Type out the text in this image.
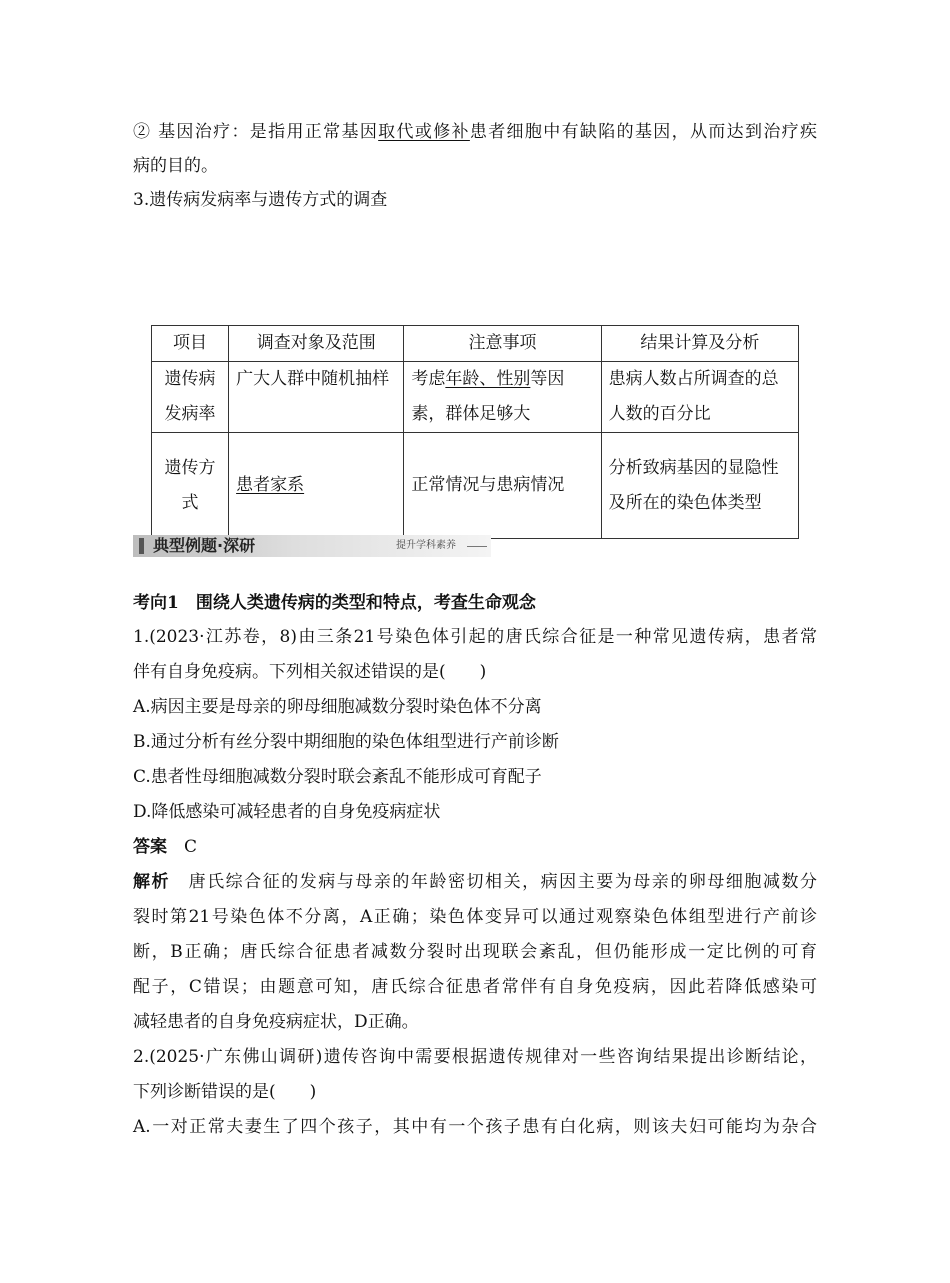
② 基因治疗：是指用正常基因取代或修补患者细胞中有缺陷的基因，从而达到治疗疾

病的目的。

3.遗传病发病率与遗传方式的调查

项目	调查对象及范围	注意事项	结果计算及分析
遗传病发病率	广大人群中随机抽样	考虑年龄、性别等因素，群体足够大	患病人数占所调查的总人数的百分比
遗传方式	患者家系	正常情况与患病情况	分析致病基因的显隐性及所在的染色体类型
典型例题·深研	提升学科素养

考向1　围绕人类遗传病的类型和特点，考查生命观念

1.(2023·江苏卷，8)由三条21号染色体引起的唐氏综合征是一种常见遗传病，患者常

伴有自身免疫病。下列相关叙述错误的是(　　)

A.病因主要是母亲的卵母细胞减数分裂时染色体不分离

B.通过分析有丝分裂中期细胞的染色体组型进行产前诊断

C.患者性母细胞减数分裂时联会紊乱不能形成可育配子

D.降低感染可减轻患者的自身免疫病症状

答案　 C

解析　 唐氏综合征的发病与母亲的年龄密切相关，病因主要为母亲的卵母细胞减数分

裂时第21号染色体不分离，A正确；染色体变异可以通过观察染色体组型进行产前诊

断，B正确；唐氏综合征患者减数分裂时出现联会紊乱，但仍能形成一定比例的可育

配子，C错误；由题意可知，唐氏综合征患者常伴有自身免疫病，因此若降低感染可

减轻患者的自身免疫病症状，D正确。

2.(2025·广东佛山调研)遗传咨询中需要根据遗传规律对一些咨询结果提出诊断结论，

下列诊断错误的是(　　)

A.一对正常夫妻生了四个孩子，其中有一个孩子患有白化病，则该夫妇可能均为杂合
